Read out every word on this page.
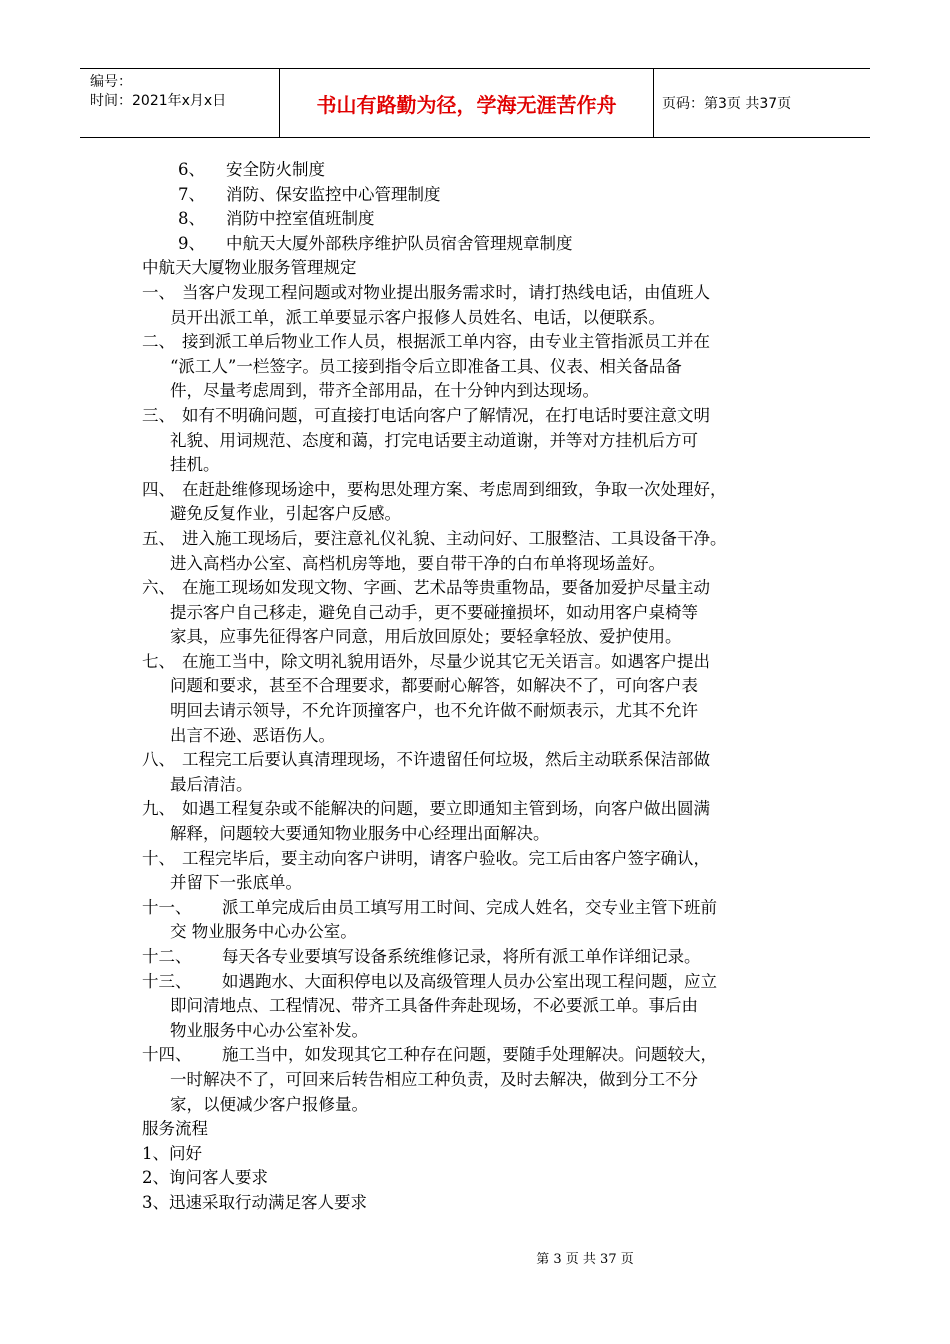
编号：
时间：2021年x月x日	书山有路勤为径，学海无涯苦作舟	页码：第3页 共37页
6、 安全防火制度
7、 消防、保安监控中心管理制度
8、 消防中控室值班制度
9、 中航天大厦外部秩序维护队员宿舍管理规章制度
中航天大厦物业服务管理规定
一、 当客户发现工程问题或对物业提出服务需求时，请打热线电话，由值班人
员开出派工单，派工单要显示客户报修人员姓名、电话，以便联系。
二、 接到派工单后物业工作人员，根据派工单内容，由专业主管指派员工并在
“派工人”一栏签字。员工接到指令后立即准备工具、仪表、相关备品备
件，尽量考虑周到，带齐全部用品，在十分钟内到达现场。
三、 如有不明确问题，可直接打电话向客户了解情况，在打电话时要注意文明
礼貌、用词规范、态度和蔼，打完电话要主动道谢，并等对方挂机后方可
挂机。
四、 在赶赴维修现场途中，要构思处理方案、考虑周到细致，争取一次处理好，
避免反复作业，引起客户反感。
五、 进入施工现场后，要注意礼仪礼貌、主动问好、工服整洁、工具设备干净。
进入高档办公室、高档机房等地，要自带干净的白布单将现场盖好。
六、 在施工现场如发现文物、字画、艺术品等贵重物品，要备加爱护尽量主动
提示客户自己移走，避免自己动手，更不要碰撞损坏，如动用客户桌椅等
家具，应事先征得客户同意，用后放回原处；要轻拿轻放、爱护使用。
七、 在施工当中，除文明礼貌用语外，尽量少说其它无关语言。如遇客户提出
问题和要求，甚至不合理要求，都要耐心解答，如解决不了，可向客户表
明回去请示领导，不允许顶撞客户，也不允许做不耐烦表示，尤其不允许
出言不逊、恶语伤人。
八、 工程完工后要认真清理现场，不许遗留任何垃圾，然后主动联系保洁部做
最后清洁。
九、 如遇工程复杂或不能解决的问题，要立即通知主管到场，向客户做出圆满
解释，问题较大要通知物业服务中心经理出面解决。
十、 工程完毕后，要主动向客户讲明，请客户验收。完工后由客户签字确认，
并留下一张底单。
十一、	派工单完成后由员工填写用工时间、完成人姓名，交专业主管下班前
交 物业服务中心办公室。
十二、	每天各专业要填写设备系统维修记录，将所有派工单作详细记录。
十三、	如遇跑水、大面积停电以及高级管理人员办公室出现工程问题，应立
即问清地点、工程情况、带齐工具备件奔赴现场，不必要派工单。事后由
物业服务中心办公室补发。
十四、	施工当中，如发现其它工种存在问题，要随手处理解决。问题较大，
一时解决不了，可回来后转告相应工种负责，及时去解决，做到分工不分
家，以便减少客户报修量。
服务流程
1、问好
2、询问客人要求
3、迅速采取行动满足客人要求
第 3 页 共 37 页
